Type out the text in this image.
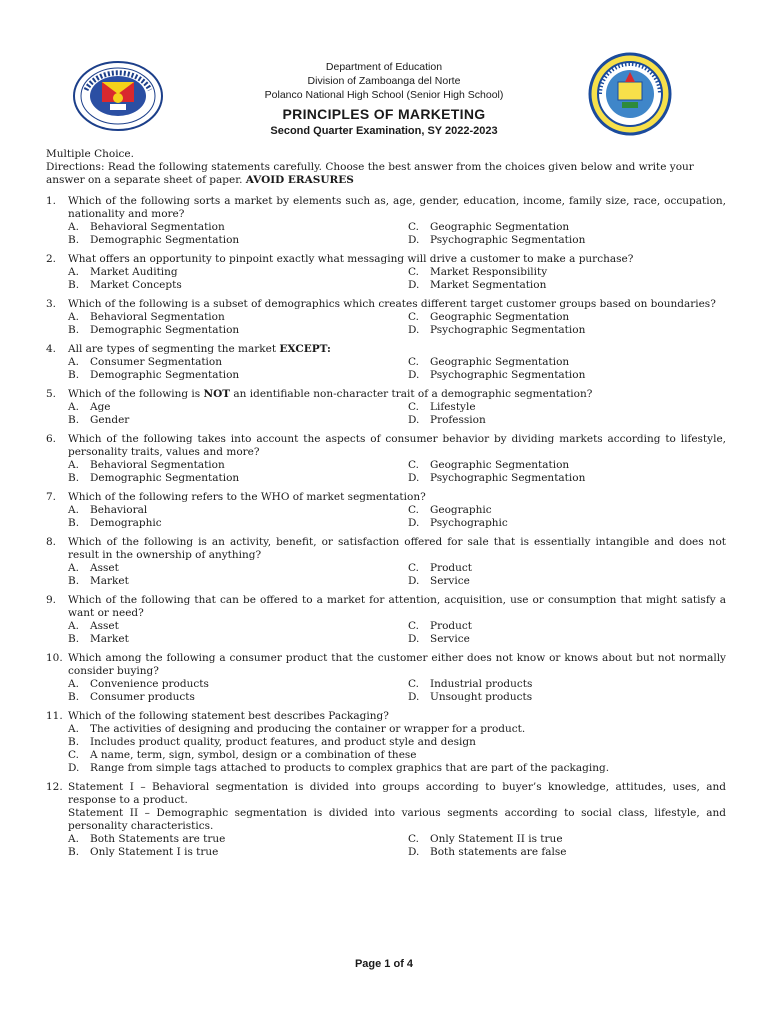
Department of Education
Division of Zamboanga del Norte
Polanco National High School (Senior High School)
PRINCIPLES OF MARKETING
Second Quarter Examination, SY 2022-2023

Multiple Choice.

Directions: Read the following statements carefully. Choose the best answer from the choices given below and write your answer on a separate sheet of paper. AVOID ERASURES

1.	Which of the following sorts a market by elements such as, age, gender, education, income, family size, race, occupation, nationality and more?
A. Behavioral Segmentation	C. Geographic Segmentation
B. Demographic Segmentation	D. Psychographic Segmentation
2.	What offers an opportunity to pinpoint exactly what messaging will drive a customer to make a purchase?
A. Market Auditing	C. Market Responsibility
B. Market Concepts	D. Market Segmentation
3.	Which of the following is a subset of demographics which creates different target customer groups based on boundaries?
A. Behavioral Segmentation	C. Geographic Segmentation
B. Demographic Segmentation	D. Psychographic Segmentation
4.	All are types of segmenting the market EXCEPT:
A. Consumer Segmentation	C. Geographic Segmentation
B. Demographic Segmentation	D. Psychographic Segmentation
5.	Which of the following is NOT an identifiable non-character trait of a demographic segmentation?
A. Age	C. Lifestyle
B. Gender	D. Profession
6.	Which of the following takes into account the aspects of consumer behavior by dividing markets according to lifestyle, personality traits, values and more?
A. Behavioral Segmentation	C. Geographic Segmentation
B. Demographic Segmentation	D. Psychographic Segmentation
7.	Which of the following refers to the WHO of market segmentation?
A. Behavioral	C. Geographic
B. Demographic	D. Psychographic
8.	Which of the following is an activity, benefit, or satisfaction offered for sale that is essentially intangible and does not result in the ownership of anything?
A. Asset	C. Product
B. Market	D. Service
9.	Which of the following that can be offered to a market for attention, acquisition, use or consumption that might satisfy a want or need?
A. Asset	C. Product
B. Market	D. Service
10. Which among the following a consumer product that the customer either does not know or knows about but not normally consider buying?
A. Convenience products	C. Industrial products
B. Consumer products	D. Unsought products
11. Which of the following statement best describes Packaging?
A. The activities of designing and producing the container or wrapper for a product.
B. Includes product quality, product features, and product style and design
C. A name, term, sign, symbol, design or a combination of these
D. Range from simple tags attached to products to complex graphics that are part of the packaging.
12. Statement I – Behavioral segmentation is divided into groups according to buyer’s knowledge, attitudes, uses, and response to a product.
Statement II – Demographic segmentation is divided into various segments according to social class, lifestyle, and personality characteristics.
A. Both Statements are true	C. Only Statement II is true
B. Only Statement I is true	D. Both statements are false
Page 1 of 4
